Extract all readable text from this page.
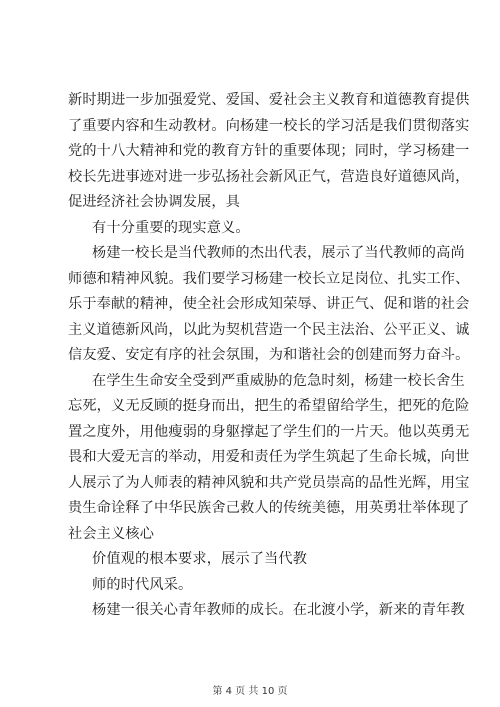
新时期进一步加强爱党、爱国、爱社会主义教育和道德教育提供
了重要内容和生动教材。向杨建一校长的学习活是我们贯彻落实
党的十八大精神和党的教育方针的重要体现；同时，学习杨建一
校长先进事迹对进一步弘扬社会新风正气，营造良好道德风尚，
促进经济社会协调发展，具
有十分重要的现实意义。
杨建一校长是当代教师的杰出代表，展示了当代教师的高尚
师德和精神风貌。我们要学习杨建一校长立足岗位、扎实工作、
乐于奉献的精神，使全社会形成知荣辱、讲正气、促和谐的社会
主义道德新风尚，以此为契机营造一个民主法治、公平正义、诚
信友爱、安定有序的社会氛围，为和谐社会的创建而努力奋斗。
在学生生命安全受到严重威胁的危急时刻，杨建一校长舍生
忘死，义无反顾的挺身而出，把生的希望留给学生，把死的危险
置之度外，用他瘦弱的身躯撑起了学生们的一片天。他以英勇无
畏和大爱无言的举动，用爱和责任为学生筑起了生命长城，向世
人展示了为人师表的精神风貌和共产党员崇高的品性光辉，用宝
贵生命诠释了中华民族舍己救人的传统美德，用英勇壮举体现了
社会主义核心
价值观的根本要求，展示了当代教
师的时代风采。
杨建一很关心青年教师的成长。在北渡小学，新来的青年教
第 4 页 共 10 页
